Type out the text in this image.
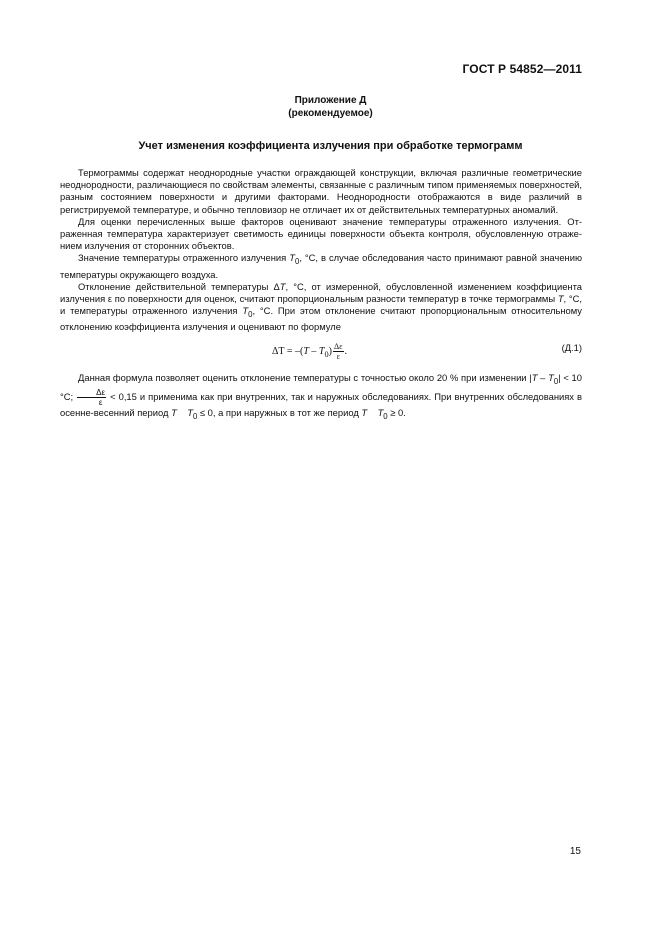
ГОСТ Р 54852—2011
Приложение Д
(рекомендуемое)
Учет изменения коэффициента излучения при обработке термограмм

Термограммы содержат неоднородные участки ограждающей конструкции, включая различные геометрические неоднородности, различающиеся по свойствам элементы, связанные с различным типом применяемых поверхностей, разным состоянием поверхности и другими факторами. Неоднородности отображаются в виде различий в регистрируемой температуре, и обычно тепловизор не отличает их от действительных температурных аномалий.

Для оценки перечисленных выше факторов оценивают значение температуры отраженного излучения. Отраженная температура характеризует светимость единицы поверхности объекта контроля, обусловленную отражением излучения от сторонних объектов.

Значение температуры отраженного излучения $T_0$, °С, в случае обследования часто принимают равной значению температуры окружающего воздуха.

Отклонение действительной температуры ΔT, °С, от измеренной, обусловленной изменением коэффициента излучения ε по поверхности для оценок, считают пропорциональным разности температур в точке термограммы T, °С, и температуры отраженного излучения $T_0$, °С. При этом отклонение считают пропорциональным относительному отклонению коэффициента излучения и оценивают по формуле

$\Delta T = -(T - T_0) \frac{\Delta\varepsilon}{\varepsilon}$ .	(Д.1)

Данная формула позволяет оценить отклонение температуры с точностью около 20 % при изменении $|T - T_0| < 10$ °С; $\frac{\Delta\varepsilon}{\varepsilon} < 0,15$ и применима как при внутренних, так и наружных обследованиях. При внутренних обследованиях в осенне-весенний период T $T_0 \le 0$, а при наружных в тот же период T $T_0 \ge 0$.

15
